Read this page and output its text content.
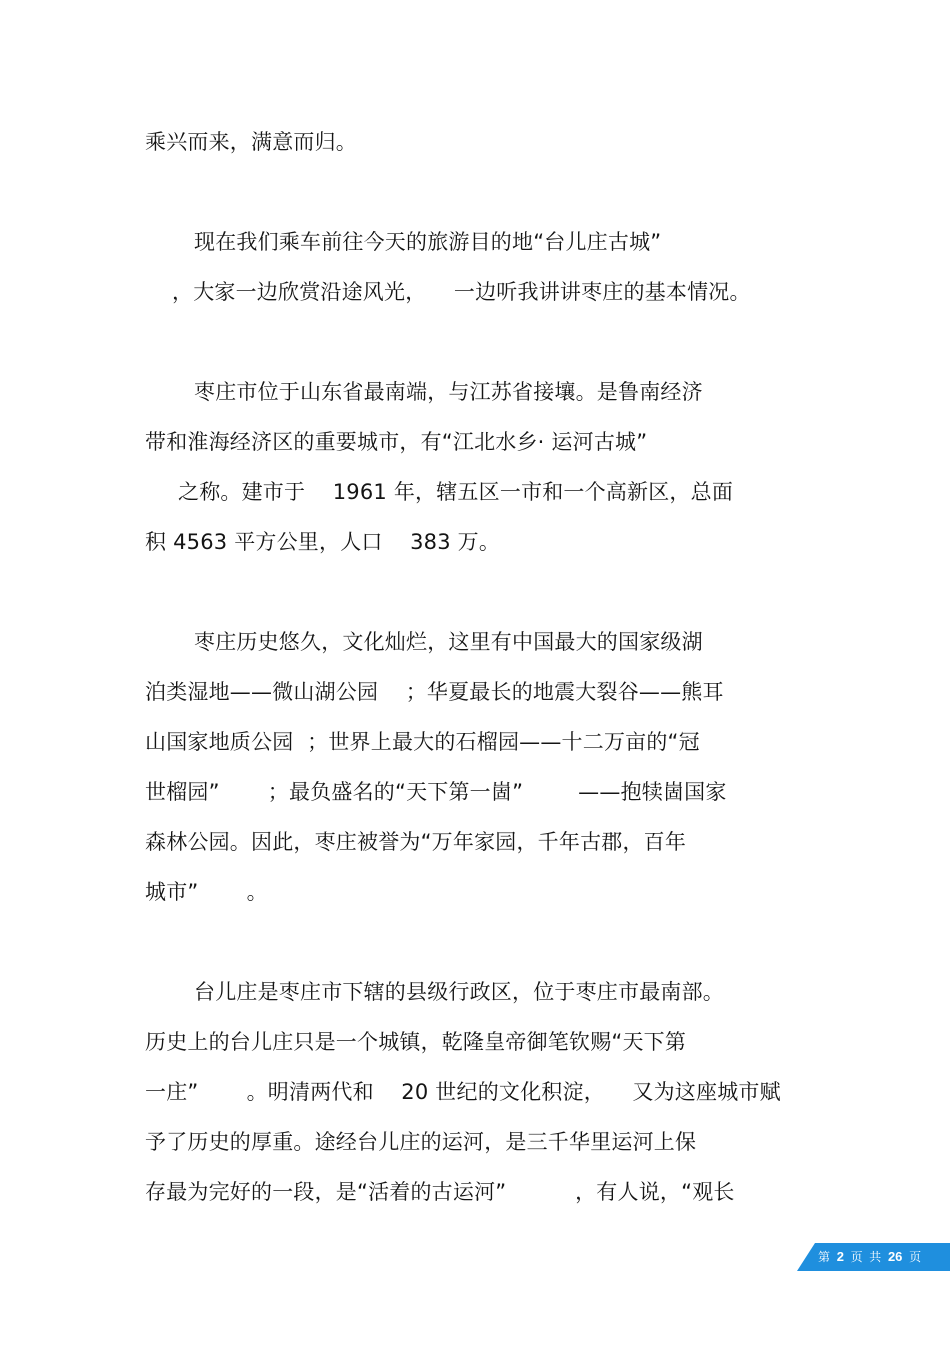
乘兴而来，满意而归。
现在我们乘车前往今天的旅游目的地“台儿庄古城”
，大家一边欣赏沿途风光，    一边听我讲讲枣庄的基本情况。
枣庄市位于山东省最南端，与江苏省接壤。是鲁南经济
带和淮海经济区的重要城市，有“江北水乡· 运河古城”
之称。建市于    1961 年，辖五区一市和一个高新区，总面
积 4563 平方公里，人口    383 万。
枣庄历史悠久，文化灿烂，这里有中国最大的国家级湖
泊类湿地——微山湖公园    ；华夏最长的地震大裂谷——熊耳
山国家地质公园  ；世界上最大的石榴园——十二万亩的“冠
世榴园”       ；最负盛名的“天下第一崮”        ——抱犊崮国家
森林公园。因此，枣庄被誉为“万年家园，千年古郡，百年
城市”       。
台儿庄是枣庄市下辖的县级行政区，位于枣庄市最南部。
历史上的台儿庄只是一个城镇，乾隆皇帝御笔钦赐“天下第
一庄”       。明清两代和    20 世纪的文化积淀，    又为这座城市赋
予了历史的厚重。途经台儿庄的运河，是三千华里运河上保
存最为完好的一段，是“活着的古运河”          ，有人说，“观长
第 2 页  共 26 页
